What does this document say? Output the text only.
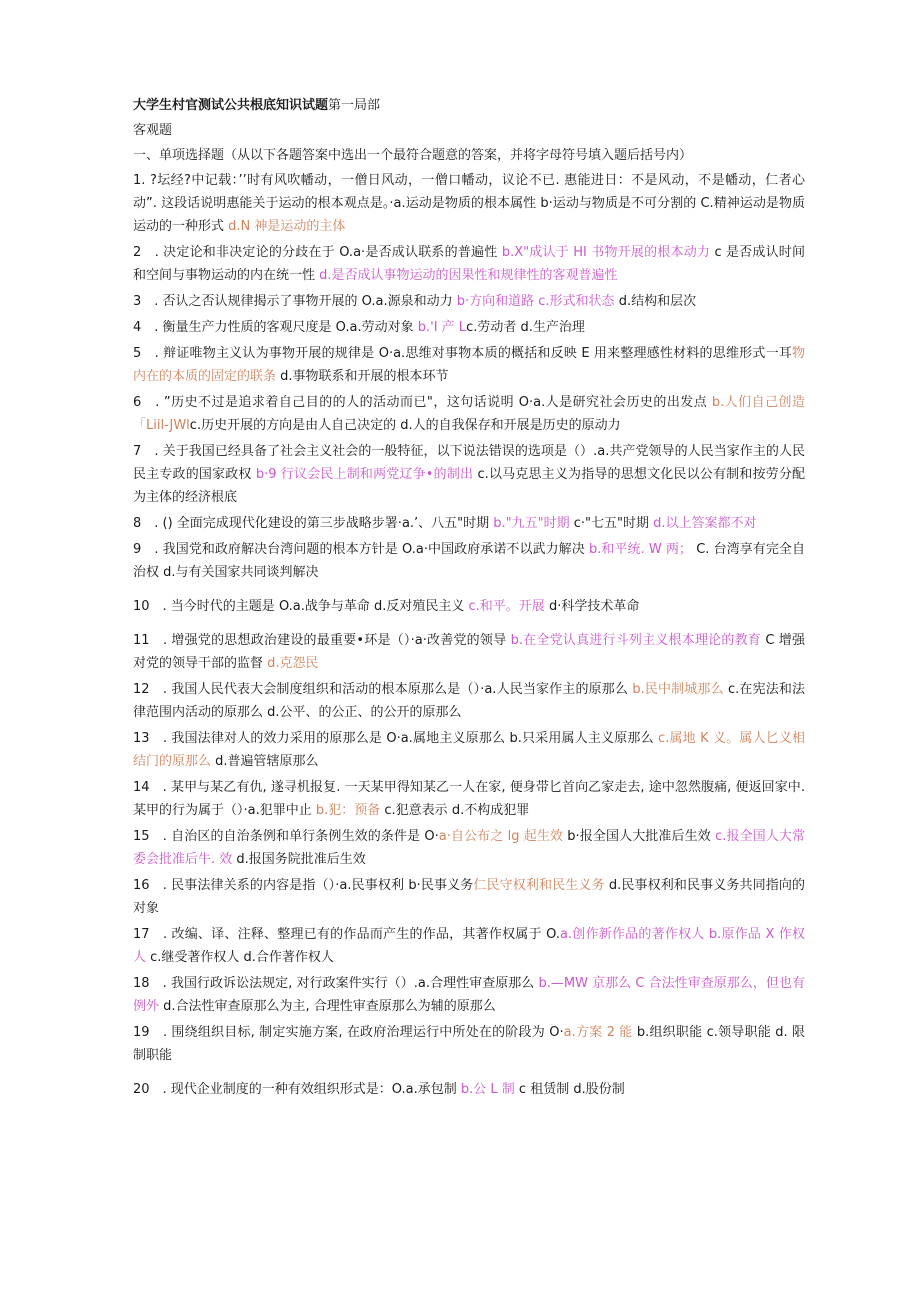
大学生村官测试公共根底知识试题第一局部
客观题
一、单项选择题（从以下各题答案中选出一个最符合题意的答案，并将字母符号填入题后括号内）

1. ?坛经?中记载：’’时有风吹幡动，一僧日风动，一僧口幡动，议论不已. 惠能进日：不是风动，不是幡动，仁者心动”. 这段话说明惠能关于运动的根本观点是。·a.运动是物质的根本属性 b·运动与物质是不可分割的 C.精神运动是物质运动的一种形式 d.N 神是运动的主体

2　. 决定论和非决定论的分歧在于 O.a·是否成认联系的普遍性 b.X"成认于 HI 书物开展的根本动力 c 是否成认时间和空间与事物运动的内在统一性 d.是否成认事物运动的因果性和规律性的客观普遍性

3　. 否认之否认规律揭示了事物开展的 O.a.源泉和动力 b·方向和道路 c.形式和状态 d.结构和层次

4　. 衡量生产力性质的客观尺度是 O.a.劳动对象 b.'I 产 Lc.劳动者 d.生产治理

5　. 辩证唯物主义认为事物开展的规律是 O·a.思维对事物本质的概括和反映 E 用来整理感性材料的思维形式一耳物内在的本质的固定的联条 d.事物联系和开展的根本环节

6　. ”历史不过是追求着自己目的的人的活动而已"，这句话说明 O·a.人是研究社会历史的出发点 b.人们自己创造「Liil-JWlc.历史开展的方向是由人自己决定的 d.人的自我保存和开展是历史的原动力

7　. 关于我国已经具备了社会主义社会的一般特征，以下说法错误的选项是（）.a.共产党领导的人民当家作主的人民民主专政的国家政权 b·9 行议会民上制和两党辽争•的制出 c.以马克思主义为指导的思想文化民以公有制和按劳分配为主体的经济根底

8　. () 全面完成现代化建设的第三步战略步署·a.’、八五"时期 b."九五"时期 c·"七五"时期 d.以上答案都不对

9　. 我国党和政府解决台湾问题的根本方针是 O.a·中国政府承诺不以武力解决 b.和平统. W 两； C. 台湾享有完全自治权 d.与有关国家共同谈判解决

10　. 当今时代的主题是 O.a.战争与革命 d.反对殖民主义 c.和平。开展 d·科学技术革命

11　. 增强党的思想政治建设的最重要•环是（）·a·改善党的领导 b.在全党认真进行斗列主义根本理论的教育 C 增强对党的领导干部的监督 d.克怨民

12　. 我国人民代表大会制度组织和活动的根本原那么是（）·a.人民当家作主的原那么 b.民中制城那么 c.在宪法和法律范围内活动的原那么 d.公平、的公正、的公开的原那么

13　. 我国法律对人的效力采用的原那么是 O·a.属地主义原那么 b.只采用属人主义原那么 c.属地 K 义。属人匕义相结门的原那么 d.普遍管辖原那么

14　. 某甲与某乙有仇, 遂寻机报复. 一天某甲得知某乙一人在家, 便身带匕首向乙家走去, 途中忽然腹痛, 便返回家中. 某甲的行为属于（）·a.犯罪中止 b.犯：预备 c.犯意表示 d.不构成犯罪

15　. 自治区的自治条例和单行条例生效的条件是 O·a·自公布之 lg 起生效 b·报全国人大批准后生效 c.报全国人大常委会批准后牛. 效 d.报国务院批准后生效

16　. 民事法律关系的内容是指（）·a.民事权利 b·民事义务仁民守权利和民生义务 d.民事权利和民事义务共同指向的对象

17　. 改编、译、注释、整理已有的作品而产生的作品，其著作权属于 O.a.创作新作品的著作权人 b.原作品 X 作权人 c.继受著作权人 d.合作著作权人

18　. 我国行政诉讼法规定, 对行政案件实行（）.a.合理性审查原那么 b.—MW 京那么 C 合法性审查原那么，但也有例外 d.合法性审查原那么为主, 合理性审查原那么为辅的原那么

19　. 围绕组织目标, 制定实施方案, 在政府治理运行中所处在的阶段为 O·a.方案 2 能 b.组织职能 c.领导职能 d. 限制职能

20　. 现代企业制度的一种有效组织形式是：O.a.承包制 b.公 L 制 c 租赁制 d.股份制
